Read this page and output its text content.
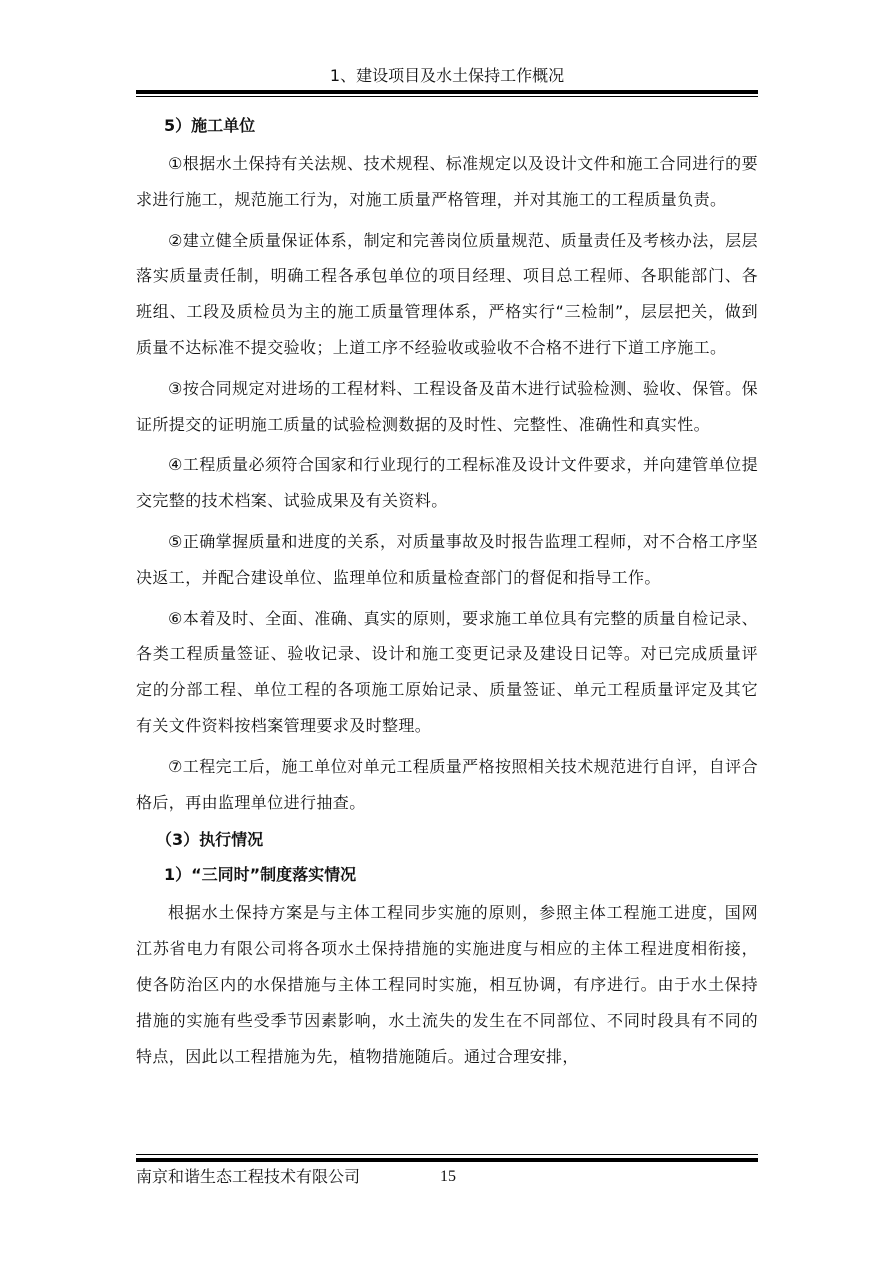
1、建设项目及水土保持工作概况
5）施工单位

①根据水土保持有关法规、技术规程、标准规定以及设计文件和施工合同进行的要求进行施工，规范施工行为，对施工质量严格管理，并对其施工的工程质量负责。

②建立健全质量保证体系，制定和完善岗位质量规范、质量责任及考核办法，层层落实质量责任制，明确工程各承包单位的项目经理、项目总工程师、各职能部门、各班组、工段及质检员为主的施工质量管理体系，严格实行“三检制”，层层把关，做到质量不达标准不提交验收；上道工序不经验收或验收不合格不进行下道工序施工。

③按合同规定对进场的工程材料、工程设备及苗木进行试验检测、验收、保管。保证所提交的证明施工质量的试验检测数据的及时性、完整性、准确性和真实性。

④工程质量必须符合国家和行业现行的工程标准及设计文件要求，并向建管单位提交完整的技术档案、试验成果及有关资料。

⑤正确掌握质量和进度的关系，对质量事故及时报告监理工程师，对不合格工序坚决返工，并配合建设单位、监理单位和质量检查部门的督促和指导工作。

⑥本着及时、全面、准确、真实的原则，要求施工单位具有完整的质量自检记录、各类工程质量签证、验收记录、设计和施工变更记录及建设日记等。对已完成质量评定的分部工程、单位工程的各项施工原始记录、质量签证、单元工程质量评定及其它有关文件资料按档案管理要求及时整理。

⑦工程完工后，施工单位对单元工程质量严格按照相关技术规范进行自评，自评合格后，再由监理单位进行抽查。

（3）执行情况
1）“三同时”制度落实情况

根据水土保持方案是与主体工程同步实施的原则，参照主体工程施工进度，国网江苏省电力有限公司将各项水土保持措施的实施进度与相应的主体工程进度相衔接，使各防治区内的水保措施与主体工程同时实施，相互协调，有序进行。由于水土保持措施的实施有些受季节因素影响，水土流失的发生在不同部位、不同时段具有不同的特点，因此以工程措施为先，植物措施随后。通过合理安排，

南京和谐生态工程技术有限公司	15
